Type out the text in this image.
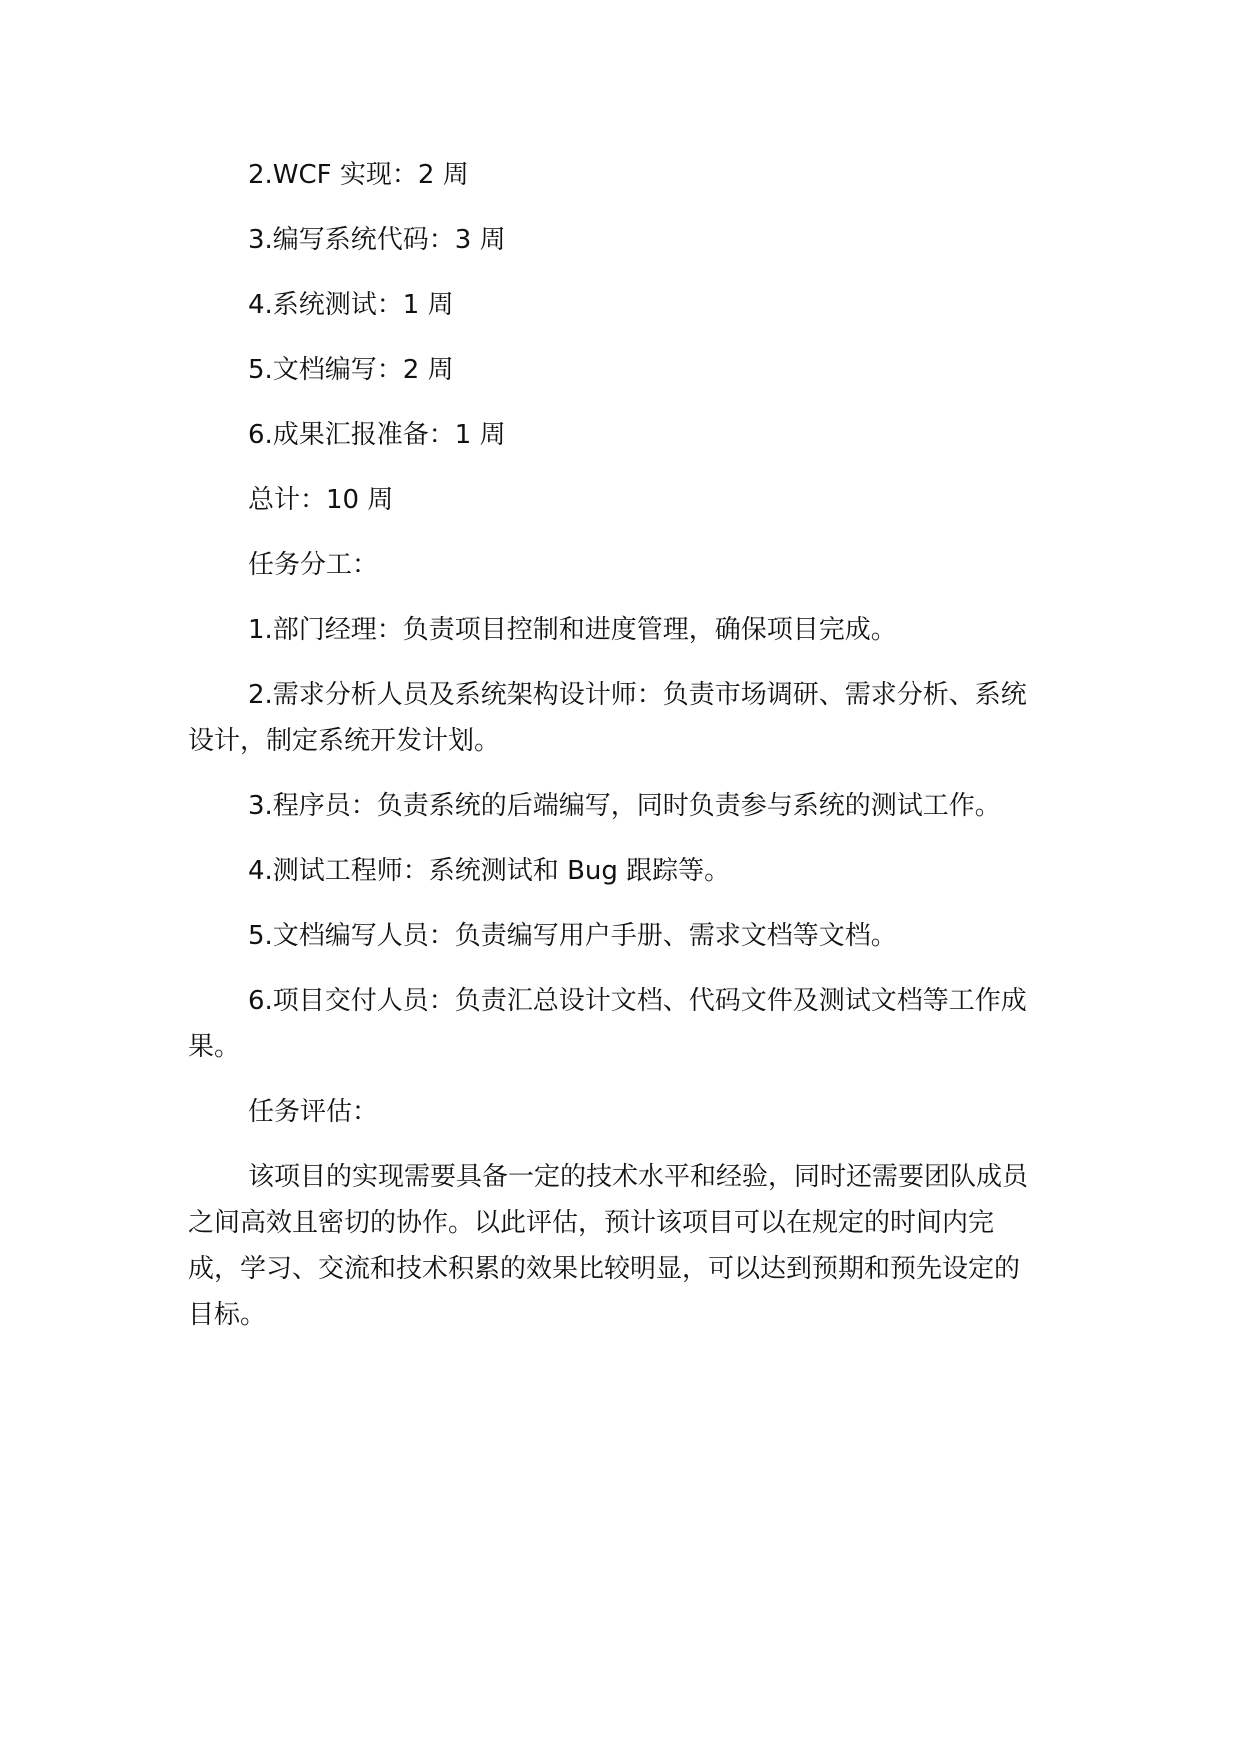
2.WCF 实现：2 周

3.编写系统代码：3 周

4.系统测试：1 周

5.文档编写：2 周

6.成果汇报准备：1 周

总计：10 周

任务分工：

1.部门经理：负责项目控制和进度管理，确保项目完成。

2.需求分析人员及系统架构设计师：负责市场调研、需求分析、系统设计，制定系统开发计划。

3.程序员：负责系统的后端编写，同时负责参与系统的测试工作。

4.测试工程师：系统测试和 Bug 跟踪等。

5.文档编写人员：负责编写用户手册、需求文档等文档。

6.项目交付人员：负责汇总设计文档、代码文件及测试文档等工作成果。

任务评估：

该项目的实现需要具备一定的技术水平和经验，同时还需要团队成员之间高效且密切的协作。以此评估，预计该项目可以在规定的时间内完成，学习、交流和技术积累的效果比较明显，可以达到预期和预先设定的目标。
